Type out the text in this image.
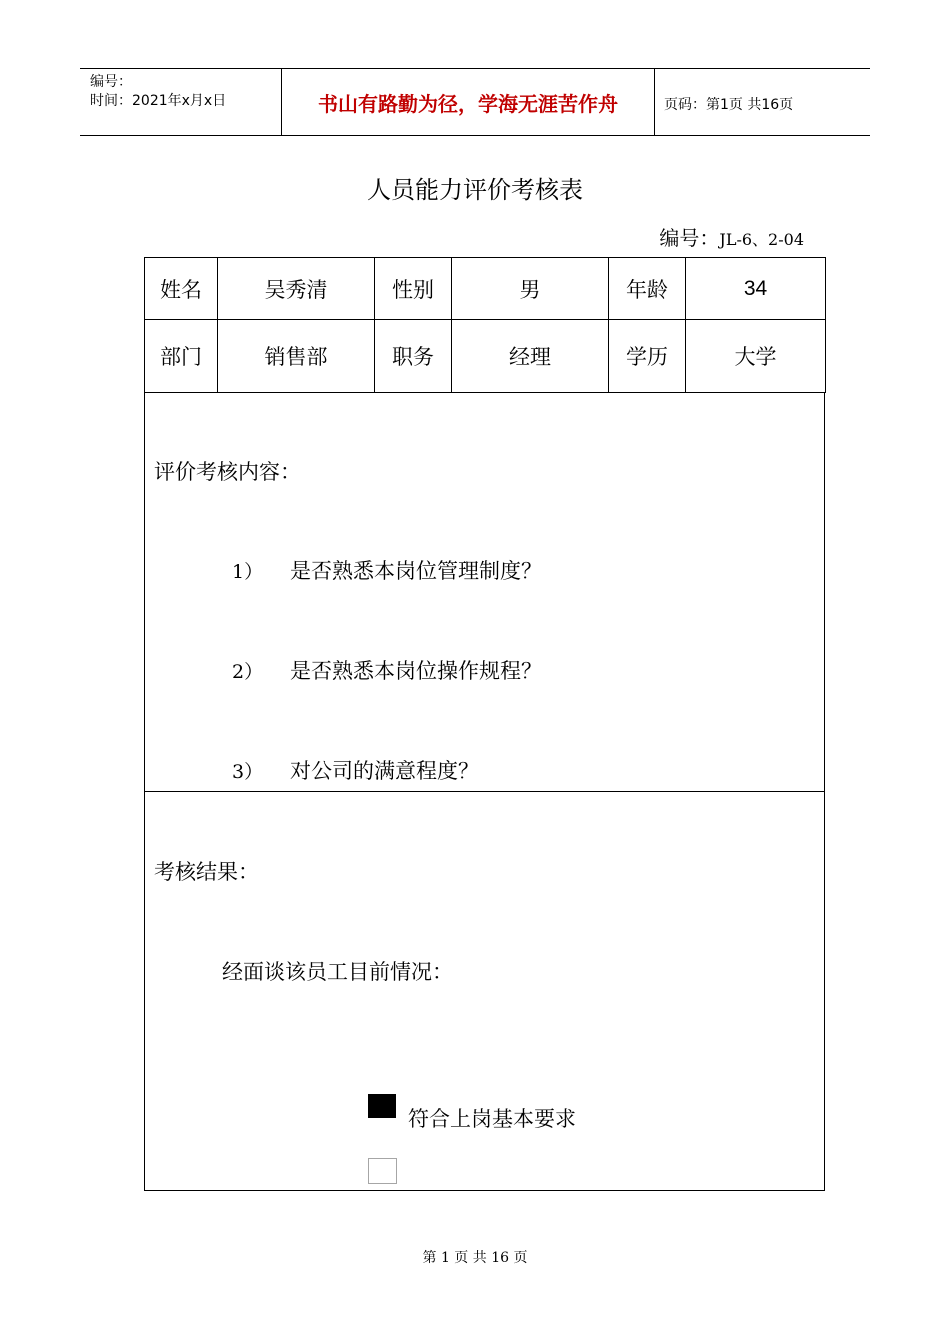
编号：
时间：2021年x月x日	书山有路勤为径，学海无涯苦作舟	页码：第1页 共16页
人员能力评价考核表
编号：JL-6、2-04
姓名	吴秀清	性别	男	年龄	34
部门	销售部	职务	经理	学历	大学
评价考核内容：
1） 是否熟悉本岗位管理制度？
2） 是否熟悉本岗位操作规程？
3） 对公司的满意程度？
考核结果：
经面谈该员工目前情况：
符合上岗基本要求
第 1 页 共 16 页
